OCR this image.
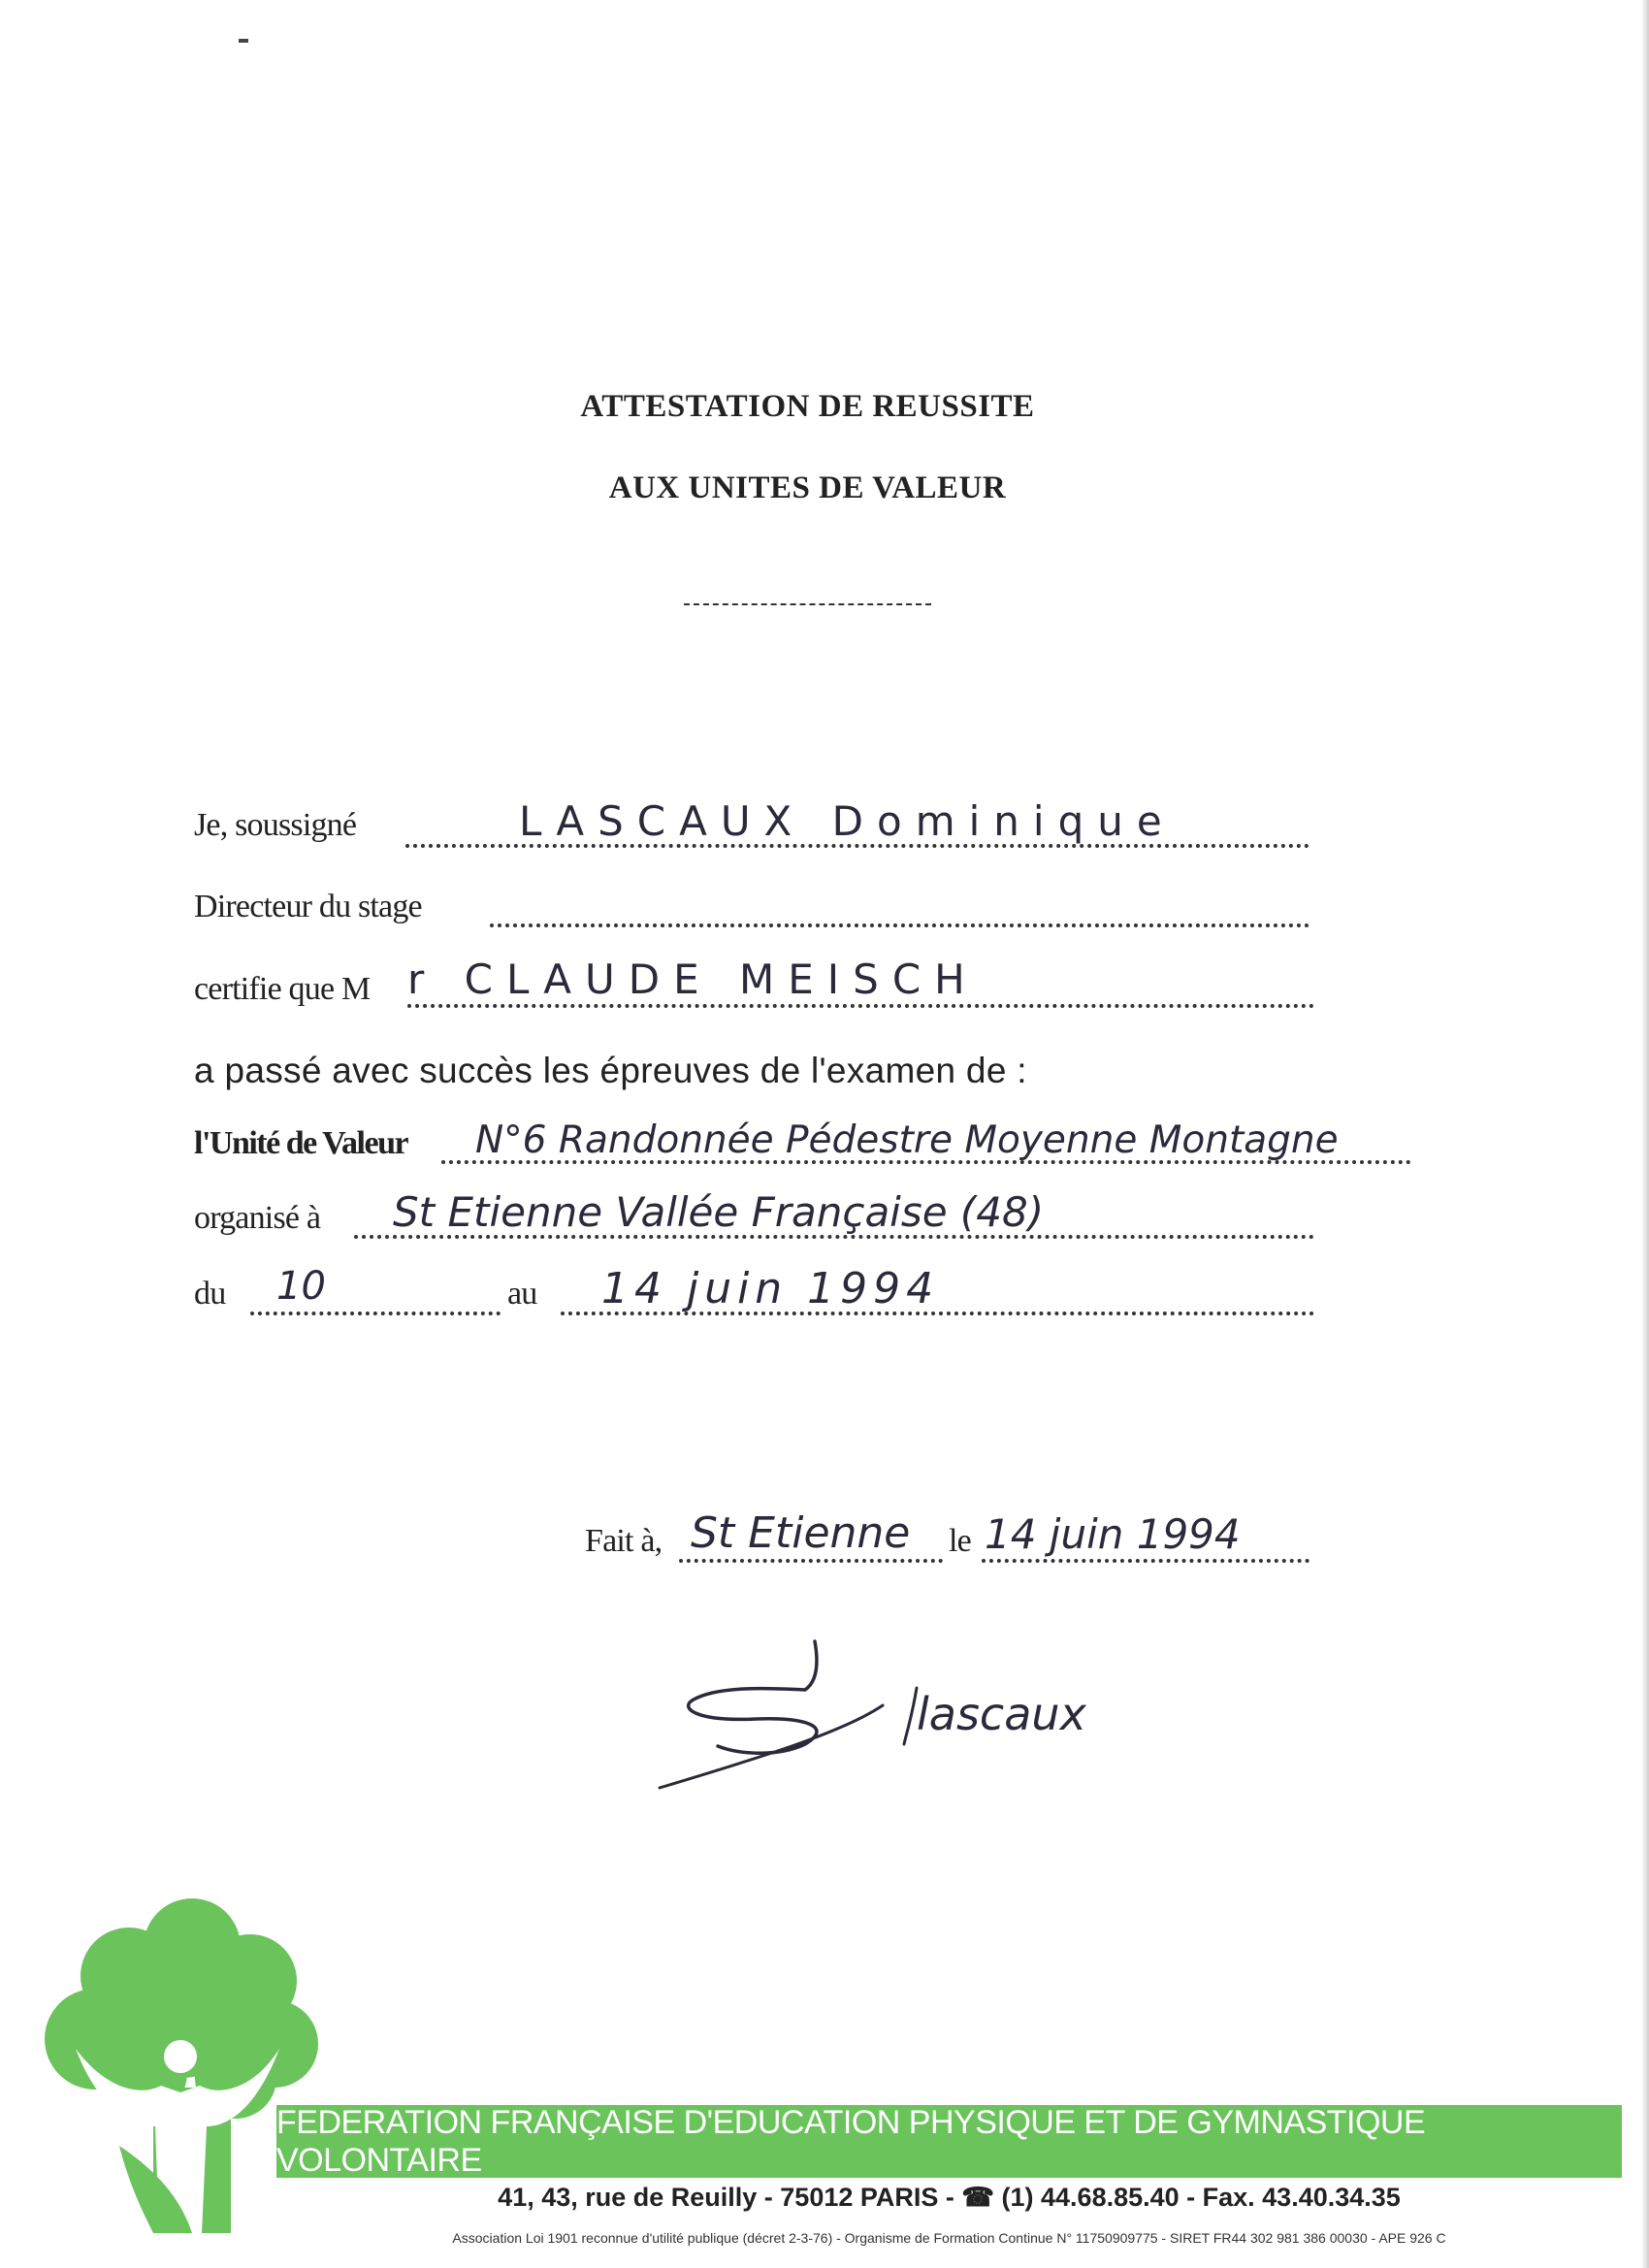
ATTESTATION DE REUSSITE
AUX UNITES DE VALEUR
Je, soussigné	LASCAUX Dominique
Directeur du stage
certifie que M r CLAUDE MEISCH
a passé avec succès les épreuves de l'examen de :
l'Unité de Valeur N°6 Randonnée Pédestre Moyenne Montagne
organisé à St Etienne Vallée Française (48)
du 10	au 14 juin 1994
Fait à, St Etienne le 14 juin 1994
lascaux
FEDERATION FRANÇAISE D'EDUCATION PHYSIQUE ET DE GYMNASTIQUE VOLONTAIRE
41, 43, rue de Reuilly - 75012 PARIS - ☎ (1) 44.68.85.40 - Fax. 43.40.34.35
Association Loi 1901 reconnue d'utilité publique (décret 2-3-76) - Organisme de Formation Continue N° 11750909775 - SIRET FR44 302 981 386 00030 - APE 926 C
